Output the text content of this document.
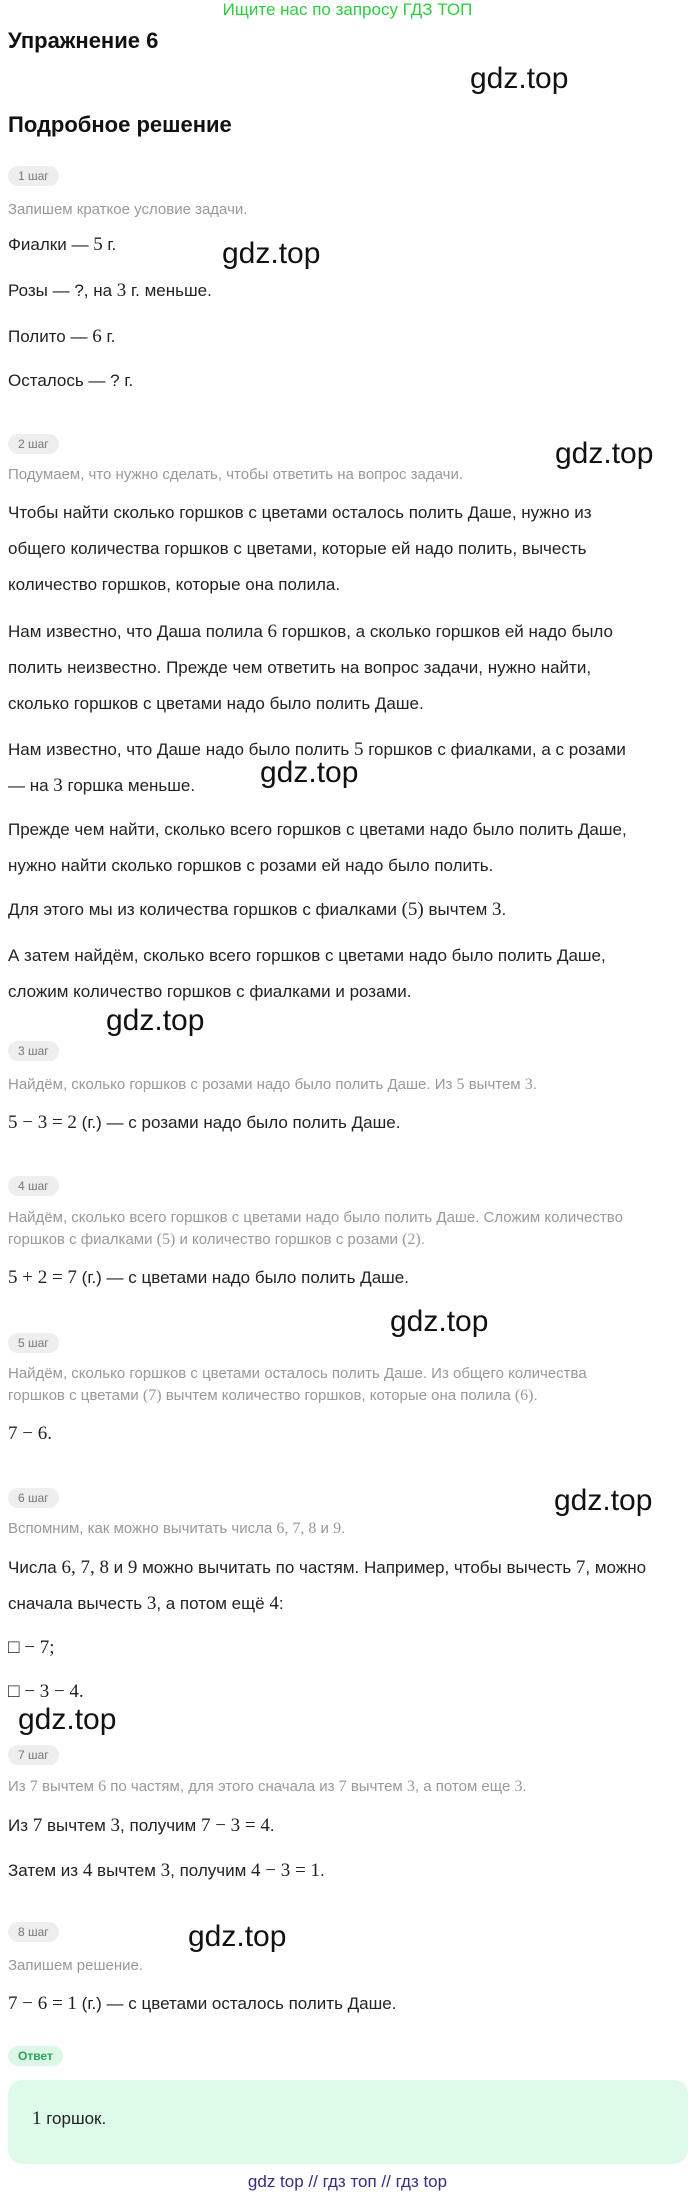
Ищите нас по запросу ГДЗ ТОП
Упражнение 6
Подробное решение
gdz.top
gdz.top
gdz.top
gdz.top
gdz.top
gdz.top
gdz.top
gdz.top
gdz.top
1 шаг
Запишем краткое условие задачи.
Фиалки — 5 г.
Розы — ?, на 3 г. меньше.
Полито — 6 г.
Осталось — ? г.
2 шаг
Подумаем, что нужно сделать, чтобы ответить на вопрос задачи.
Чтобы найти сколько горшков с цветами осталось полить Даше, нужно из
общего количества горшков с цветами, которые ей надо полить, вычесть
количество горшков, которые она полила.
Нам известно, что Даша полила 6 горшков, а сколько горшков ей надо было
полить неизвестно. Прежде чем ответить на вопрос задачи, нужно найти,
сколько горшков с цветами надо было полить Даше.
Нам известно, что Даше надо было полить 5 горшков с фиалками, а с розами
— на 3 горшка меньше.
Прежде чем найти, сколько всего горшков с цветами надо было полить Даше,
нужно найти сколько горшков с розами ей надо было полить.
Для этого мы из количества горшков с фиалками (5) вычтем 3.
А затем найдём, сколько всего горшков с цветами надо было полить Даше,
сложим количество горшков с фиалками и розами.
3 шаг
Найдём, сколько горшков с розами надо было полить Даше. Из 5 вычтем 3.
5 − 3 = 2 (г.) — с розами надо было полить Даше.
4 шаг
Найдём, сколько всего горшков с цветами надо было полить Даше. Сложим количество
горшков с фиалками (5) и количество горшков с розами (2).
5 + 2 = 7 (г.) — с цветами надо было полить Даше.
5 шаг
Найдём, сколько горшков с цветами осталось полить Даше. Из общего количества
горшков с цветами (7) вычтем количество горшков, которые она полила (6).
7 − 6.
6 шаг
Вспомним, как можно вычитать числа 6, 7, 8 и 9.
Числа 6, 7, 8 и 9 можно вычитать по частям. Например, чтобы вычесть 7, можно
сначала вычесть 3, а потом ещё 4:
□ − 7;
□ − 3 − 4.
7 шаг
Из 7 вычтем 6 по частям, для этого сначала из 7 вычтем 3, а потом еще 3.
Из 7 вычтем 3, получим 7 − 3 = 4.
Затем из 4 вычтем 3, получим 4 − 3 = 1.
8 шаг
Запишем решение.
7 − 6 = 1 (г.) — с цветами осталось полить Даше.
Ответ
1 горшок.
gdz top // гдз топ // гдз top
